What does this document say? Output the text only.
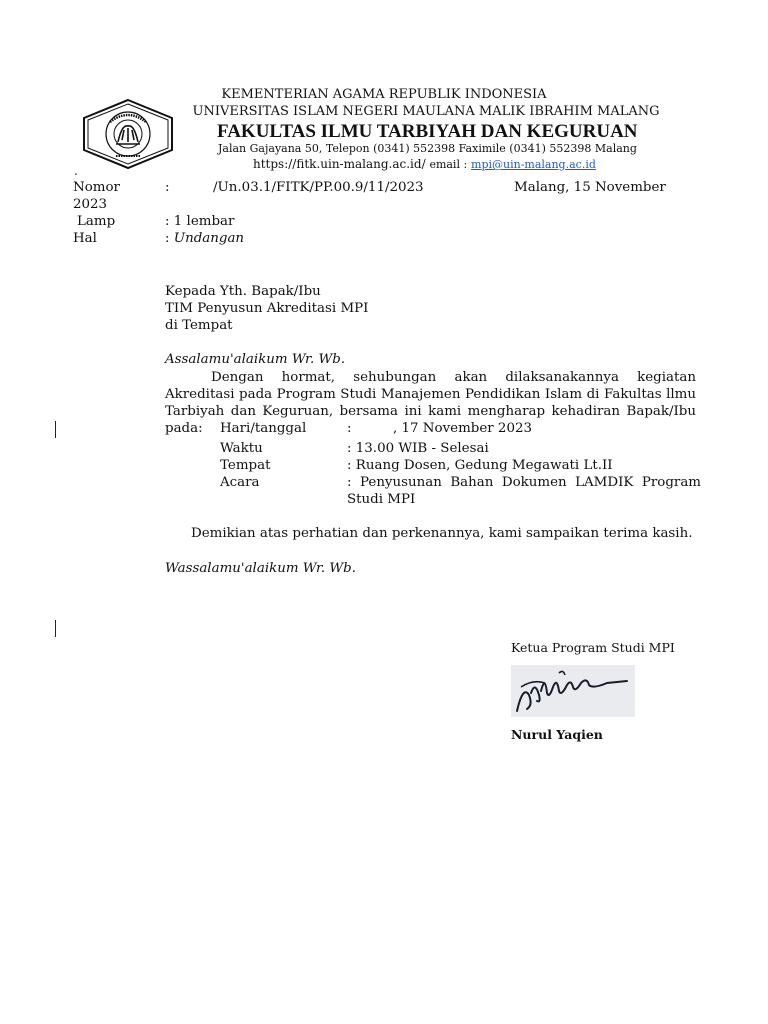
KEMENTERIAN AGAMA REPUBLIK INDONESIA
UNIVERSITAS ISLAM NEGERI MAULANA MALIK IBRAHIM MALANG
FAKULTAS ILMU TARBIYAH DAN KEGURUAN
Jalan Gajayana 50, Telepon (0341) 552398 Faximile (0341) 552398 Malang
https://fitk.uin-malang.ac.id/ email : mpi@uin-malang.ac.id
.
Nomor	:	/Un.03.1/FITK/PP.00.9/11/2023	Malang, 15 November
2023
Lamp	: 1 lembar
Hal	: Undangan
Kepada Yth. Bapak/Ibu
TIM Penyusun Akreditasi MPI
di Tempat
Assalamu'alaikum Wr. Wb.
Dengan hormat, sehubungan akan dilaksanakannya kegiatan Akreditasi pada Program Studi Manajemen Pendidikan Islam di Fakultas llmu Tarbiyah dan Keguruan, bersama ini kami mengharap kehadiran Bapak/Ibu pada:	Hari/tanggal	:	, 17 November 2023
Waktu	: 13.00 WIB - Selesai
Tempat	: Ruang Dosen, Gedung Megawati Lt.II
Acara	: Penyusunan Bahan Dokumen LAMDIK Program
Studi MPI
Demikian atas perhatian dan perkenannya, kami sampaikan terima kasih.
Wassalamu'alaikum Wr. Wb.
Ketua Program Studi MPI
Nurul Yaqien
